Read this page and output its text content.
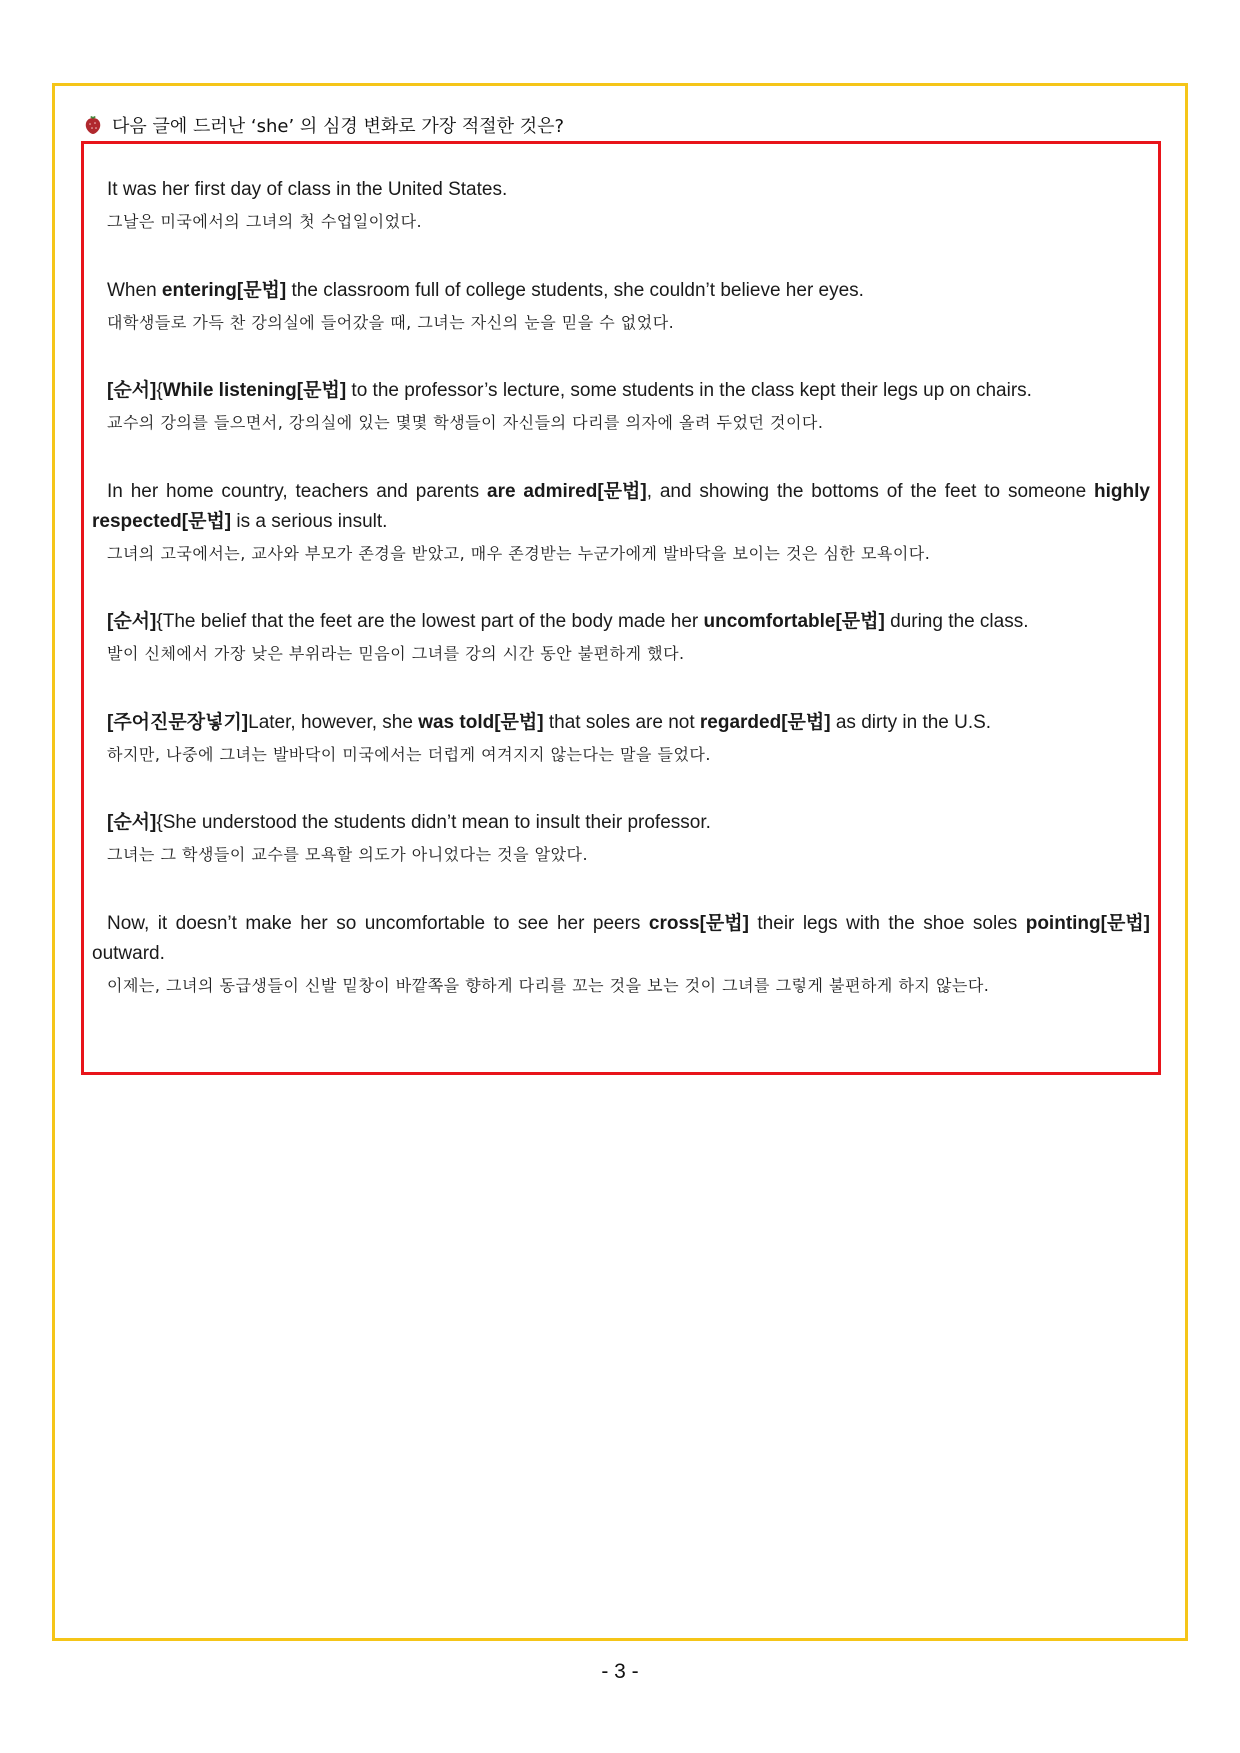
다음 글에 드러난 ‘she’ 의 심경 변화로 가장 적절한 것은?

It was her first day of class in the United States.

그날은 미국에서의 그녀의 첫 수업일이었다.

When entering[문법] the classroom full of college students, she couldn’t believe her eyes.

대학생들로 가득 찬 강의실에 들어갔을 때, 그녀는 자신의 눈을 믿을 수 없었다.

[순서]{While listening[문법] to the professor’s lecture, some students in the class kept their legs up on chairs.

교수의 강의를 들으면서, 강의실에 있는 몇몇 학생들이 자신들의 다리를 의자에 올려 두었던 것이다.

In her home country, teachers and parents are admired[문법], and showing the bottoms of the feet to someone highly respected[문법] is a serious insult.

그녀의 고국에서는, 교사와 부모가 존경을 받았고, 매우 존경받는 누군가에게 발바닥을 보이는 것은 심한 모욕이다.

[순서]{The belief that the feet are the lowest part of the body made her uncomfortable[문법] during the class.

발이 신체에서 가장 낮은 부위라는 믿음이 그녀를 강의 시간 동안 불편하게 했다.

[주어진문장넣기]Later, however, she was told[문법] that soles are not regarded[문법] as dirty in the U.S.

하지만, 나중에 그녀는 발바닥이 미국에서는 더럽게 여겨지지 않는다는 말을 들었다.

[순서]{She understood the students didn’t mean to insult their professor.

그녀는 그 학생들이 교수를 모욕할 의도가 아니었다는 것을 알았다.

Now, it doesn’t make her so uncomfortable to see her peers cross[문법] their legs with the shoe soles pointing[문법] outward.

이제는, 그녀의 동급생들이 신발 밑창이 바깥쪽을 향하게 다리를 꼬는 것을 보는 것이 그녀를 그렇게 불편하게 하지 않는다.

- 3 -
